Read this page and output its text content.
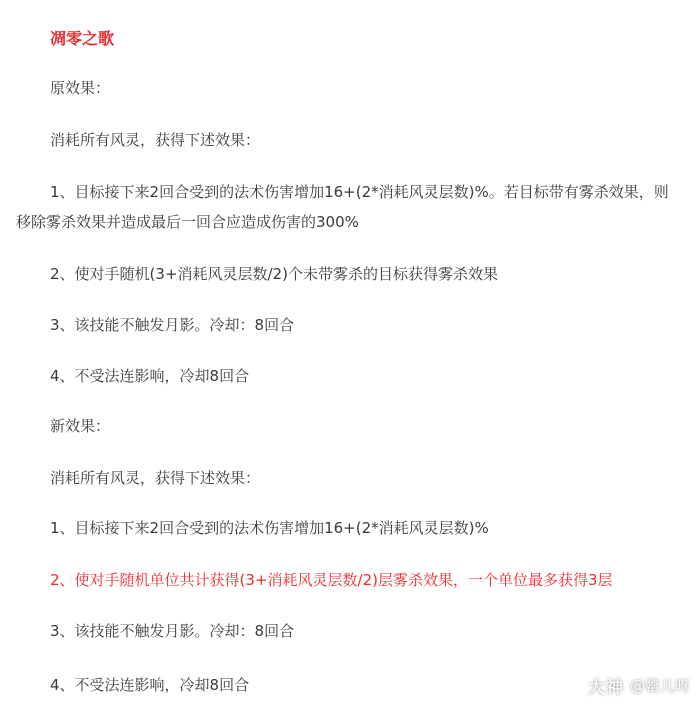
凋零之歌

原效果：

消耗所有风灵，获得下述效果：

1、目标接下来2回合受到的法术伤害增加16+(2*消耗风灵层数)%。若目标带有雾杀效果，则移除雾杀效果并造成最后一回合应造成伤害的300%

2、使对手随机(3+消耗风灵层数/2)个未带雾杀的目标获得雾杀效果

3、该技能不触发月影。冷却：8回合

4、不受法连影响，冷却8回合

新效果：

消耗所有风灵，获得下述效果：

1、目标接下来2回合受到的法术伤害增加16+(2*消耗风灵层数)%

2、使对手随机单位共计获得(3+消耗风灵层数/2)层雾杀效果，一个单位最多获得3层

3、该技能不触发月影。冷却：8回合

4、不受法连影响，冷却8回合	大神 @鳖儿呀
